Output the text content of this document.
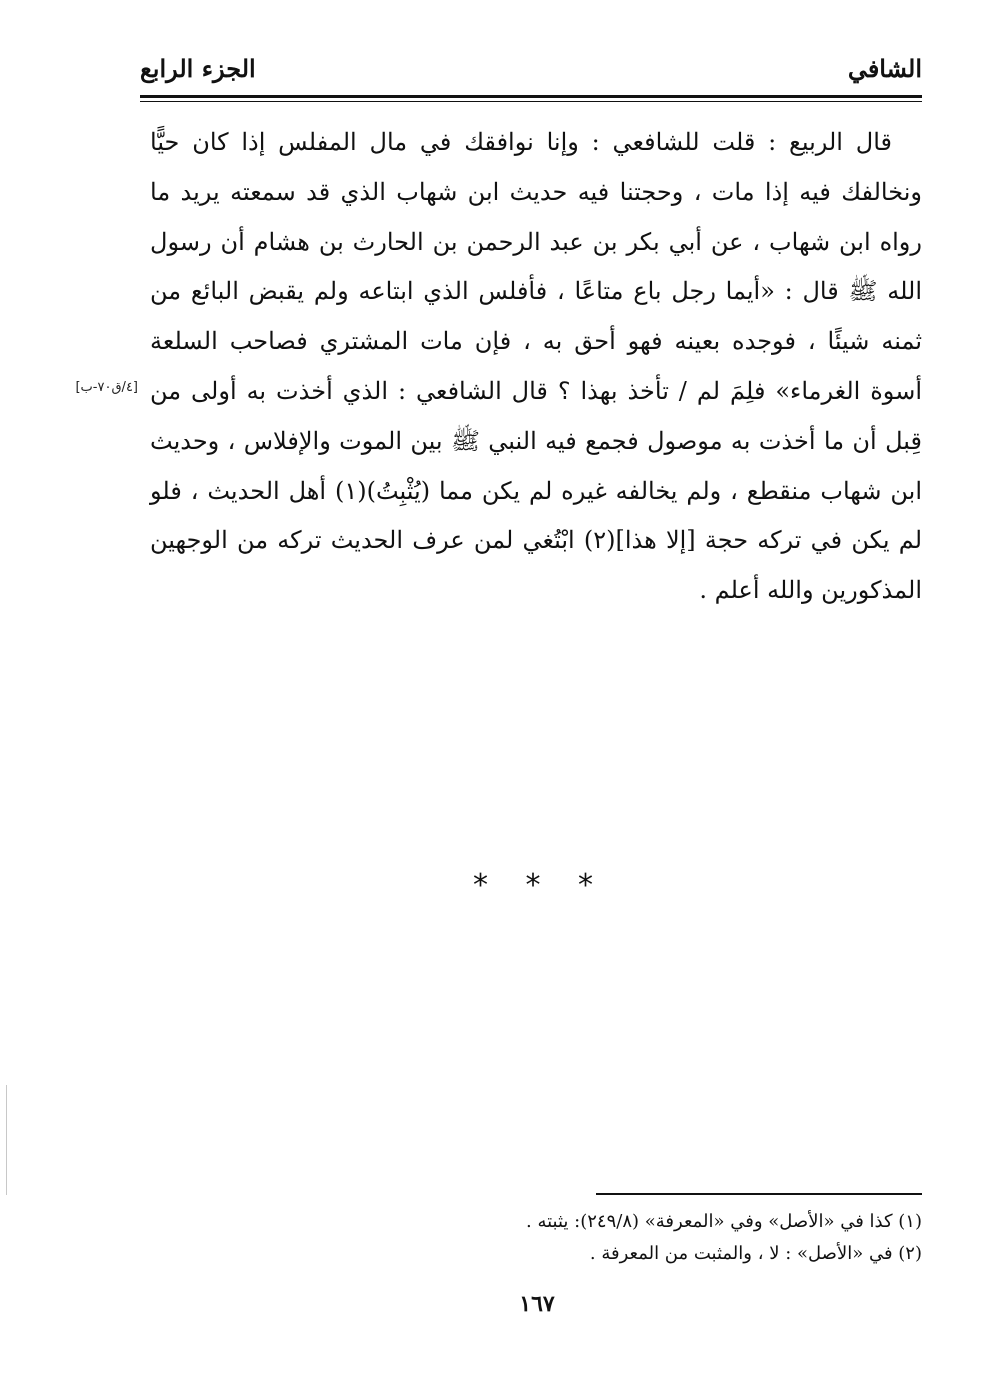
الشافي
الجزء الرابع

قال الربيع : قلت للشافعي : وإنا نوافقك في مال المفلس إذا كان حيًّا ونخالفك فيه إذا مات ، وحجتنا فيه حديث ابن شهاب الذي قد سمعته يريد ما رواه ابن شهاب ، عن أبي بكر بن عبد الرحمن بن الحارث بن هشام أن رسول الله ﷺ قال : «أيما رجل باع متاعًا ، فأفلس الذي ابتاعه ولم يقبض البائع من ثمنه شيئًا ، فوجده بعينه فهو أحق به ، فإن مات المشتري فصاحب السلعة أسوة الغرماء» فلِمَ لم / تأخذ بهذا ؟ قال الشافعي : الذي أخذت به أولى من قِبل أن ما أخذت به موصول فجمع فيه النبي ﷺ بين الموت والإفلاس ، وحديث ابن شهاب منقطع ، ولم يخالفه غيره لم يكن مما (يُثْبِتُ)(١) أهل الحديث ، فلو لم يكن في تركه حجة [إلا هذا](٢) ابْتُغي لمن عرف الحديث تركه من الوجهين المذكورين والله أعلم .

[٤/ق٧٠-ب]
* * *
(١) كذا في «الأصل» وفي «المعرفة» (٢٤٩/٨): يثبته .
(٢) في «الأصل» : لا ، والمثبت من المعرفة .
١٦٧
